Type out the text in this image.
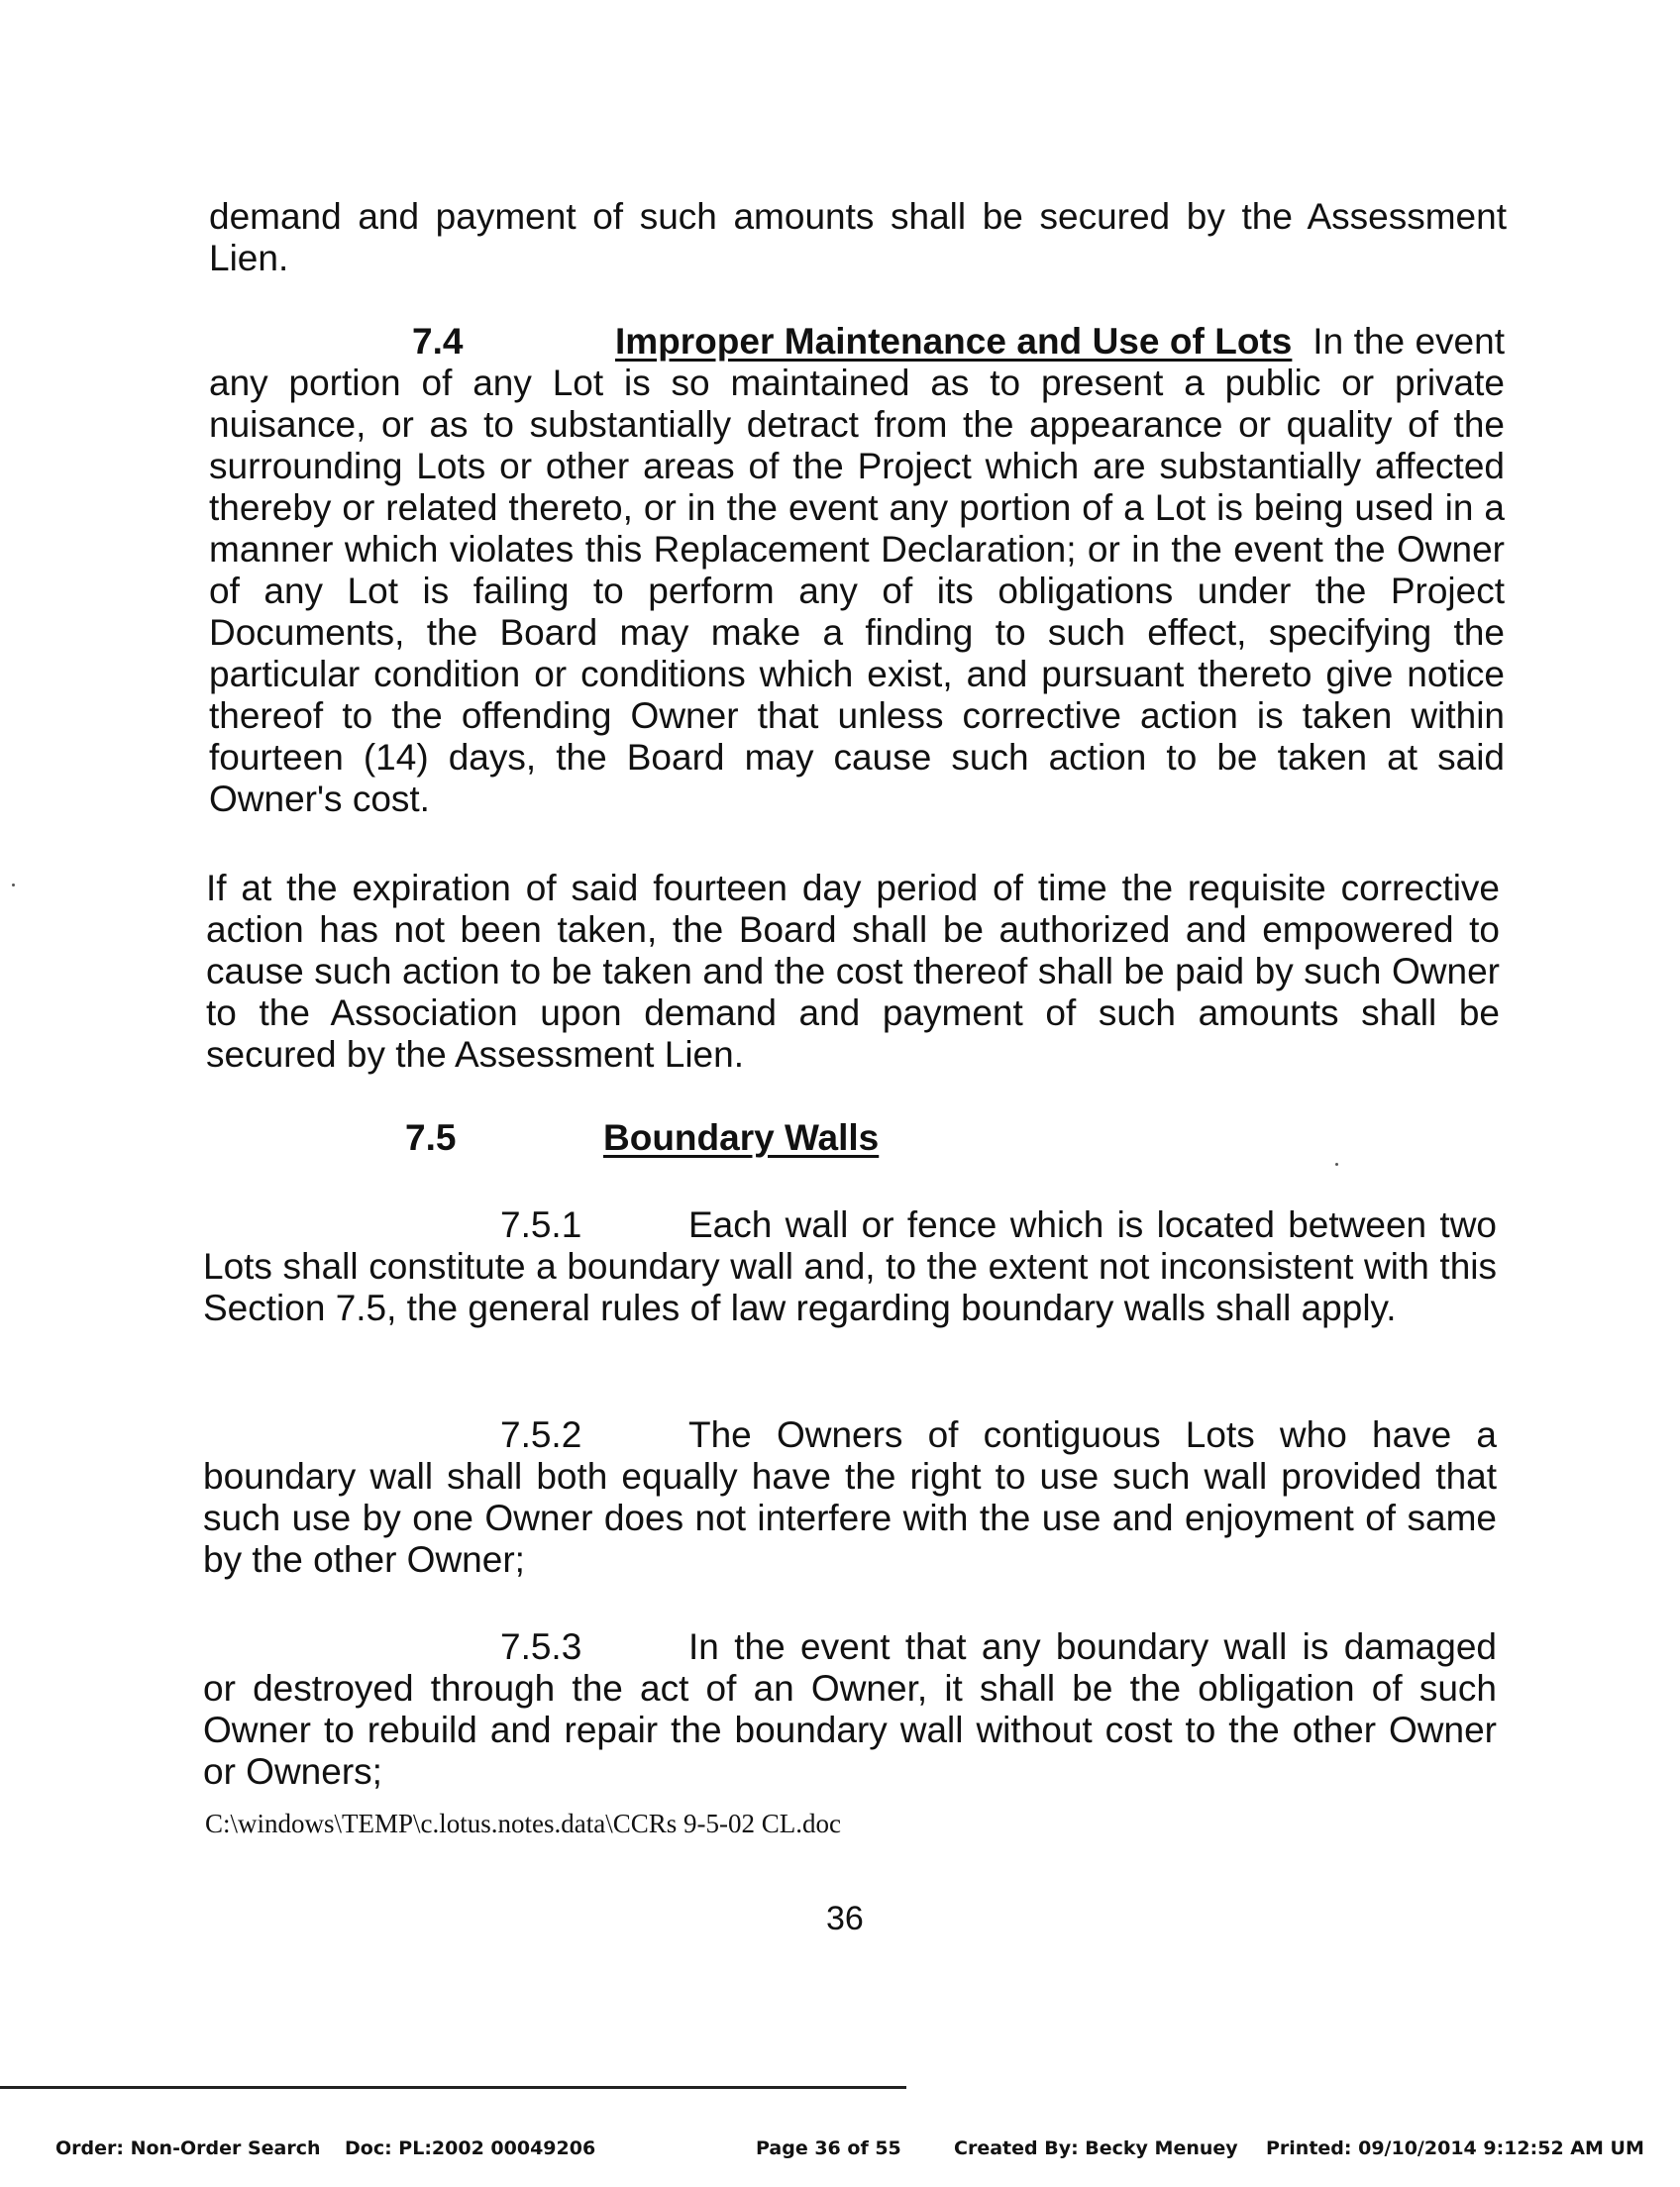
demand and payment of such amounts shall be secured by the Assessment Lien.

7.4	Improper Maintenance and Use of Lots In the event any portion of any Lot is so maintained as to present a public or private nuisance, or as to substantially detract from the appearance or quality of the surrounding Lots or other areas of the Project which are substantially affected thereby or related thereto, or in the event any portion of a Lot is being used in a manner which violates this Replacement Declaration; or in the event the Owner of any Lot is failing to perform any of its obligations under the Project Documents, the Board may make a finding to such effect, specifying the particular condition or conditions which exist, and pursuant thereto give notice thereof to the offending Owner that unless corrective action is taken within fourteen (14) days, the Board may cause such action to be taken at said Owner's cost.

If at the expiration of said fourteen day period of time the requisite corrective action has not been taken, the Board shall be authorized and empowered to cause such action to be taken and the cost thereof shall be paid by such Owner to the Association upon demand and payment of such amounts shall be secured by the Assessment Lien.

7.5	Boundary Walls

7.5.1	Each wall or fence which is located between two Lots shall constitute a boundary wall and, to the extent not inconsistent with this Section 7.5, the general rules of law regarding boundary walls shall apply.

7.5.2	The Owners of contiguous Lots who have a boundary wall shall both equally have the right to use such wall provided that such use by one Owner does not interfere with the use and enjoyment of same by the other Owner;

7.5.3	In the event that any boundary wall is damaged or destroyed through the act of an Owner, it shall be the obligation of such Owner to rebuild and repair the boundary wall without cost to the other Owner or Owners;

C:\windows\TEMP\c.lotus.notes.data\CCRs 9-5-02 CL.doc
36
Order: Non-Order Search Doc: PL:2002 00049206	Page 36 of 55	Created By: Becky Menuey Printed: 09/10/2014 9:12:52 AM UM
